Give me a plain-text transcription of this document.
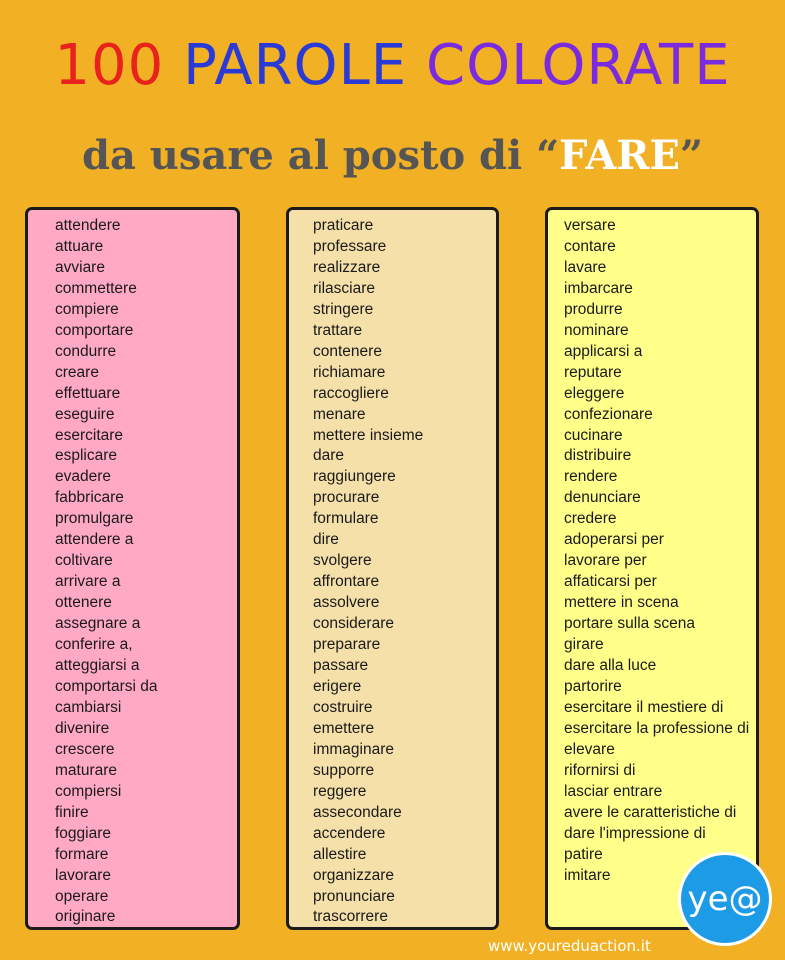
100 PAROLE COLORATE
da usare al posto di “FARE”
attendere
attuare
avviare
commettere
compiere
comportare
condurre
creare
effettuare
eseguire
esercitare
esplicare
evadere
fabbricare
promulgare
attendere a
coltivare
arrivare a
ottenere
assegnare a
conferire a,
atteggiarsi a
comportarsi da
cambiarsi
divenire
crescere
maturare
compiersi
finire
foggiare
formare
lavorare
operare
originare
praticare
professare
realizzare
rilasciare
stringere
trattare
contenere
richiamare
raccogliere
menare
mettere insieme
dare
raggiungere
procurare
formulare
dire
svolgere
affrontare
assolvere
considerare
preparare
passare
erigere
costruire
emettere
immaginare
supporre
reggere
assecondare
accendere
allestire
organizzare
pronunciare
trascorrere
versare
contare
lavare
imbarcare
produrre
nominare
applicarsi a
reputare
eleggere
confezionare
cucinare
distribuire
rendere
denunciare
credere
adoperarsi per
lavorare per
affaticarsi per
mettere in scena
portare sulla scena
girare
dare alla luce
partorire
esercitare il mestiere di
esercitare la professione di
elevare
rifornirsi di
lasciar entrare
avere le caratteristiche di
dare l'impressione di
patire
imitare
ye@
www.youreduaction.it
